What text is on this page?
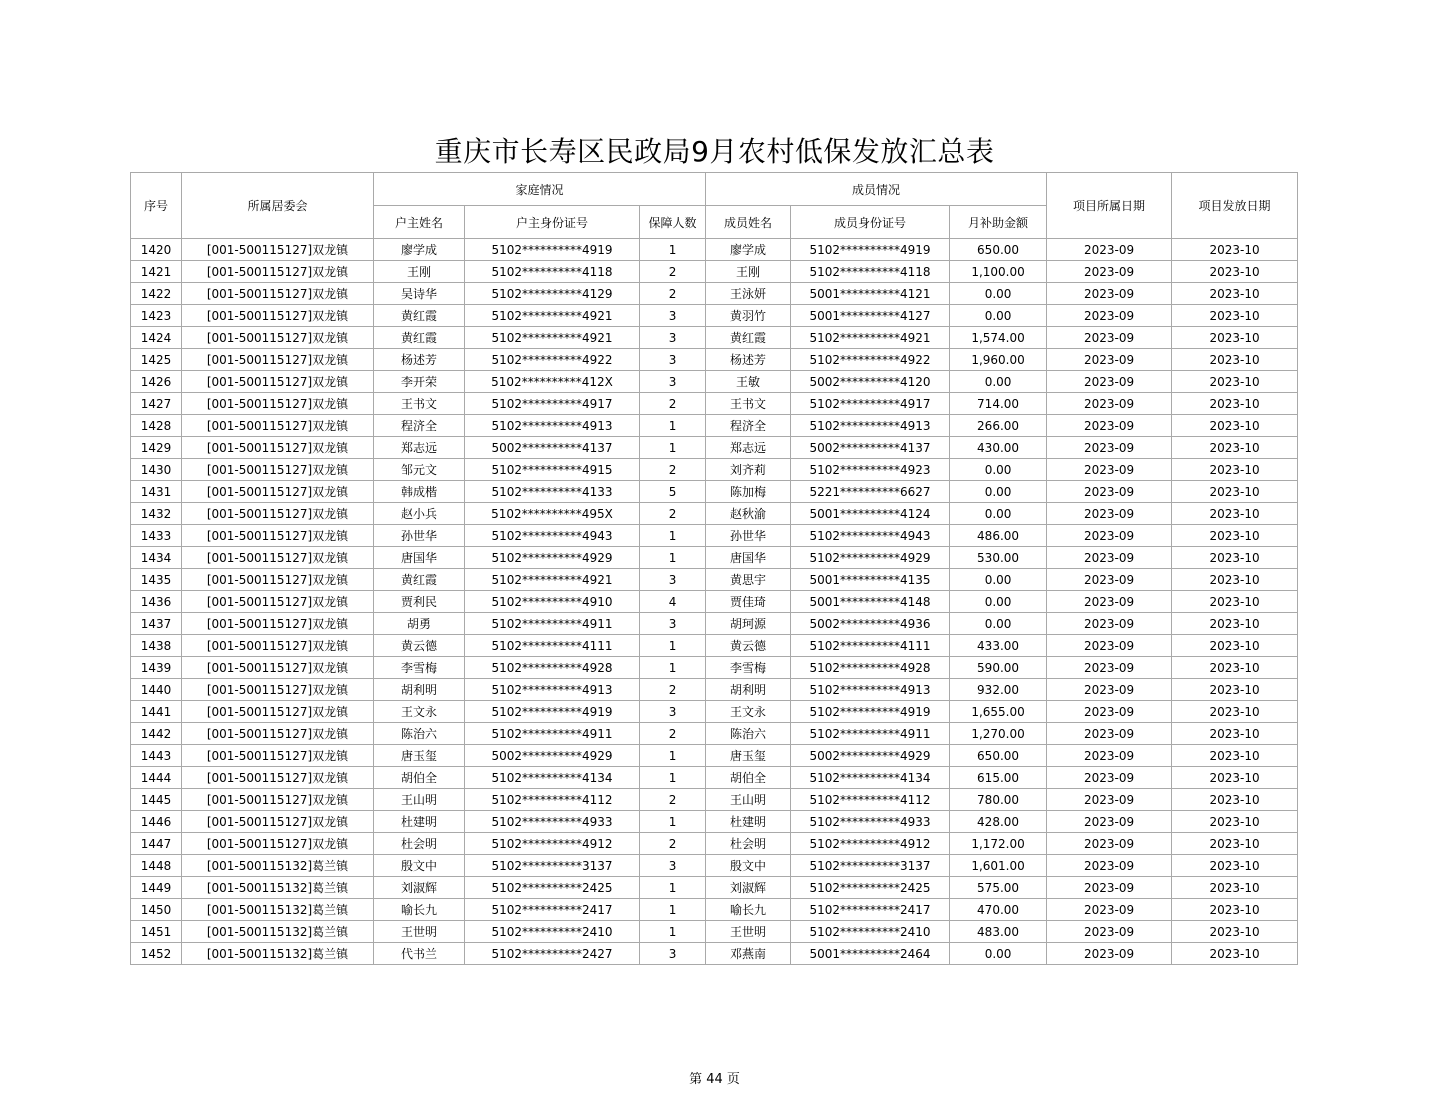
重庆市长寿区民政局9月农村低保发放汇总表
序号	所属居委会	家庭情况			成员情况			项目所属日期	项目发放日期
		户主姓名	户主身份证号	保障人数	成员姓名	成员身份证号	月补助金额		
1420	[001-500115127]双龙镇	廖学成	5102**********4919	1	廖学成	5102**********4919	650.00	2023-09	2023-10
1421	[001-500115127]双龙镇	王刚	5102**********4118	2	王刚	5102**********4118	1,100.00	2023-09	2023-10
1422	[001-500115127]双龙镇	吴诗华	5102**********4129	2	王泳妍	5001**********4121	0.00	2023-09	2023-10
1423	[001-500115127]双龙镇	黄红霞	5102**********4921	3	黄羽竹	5001**********4127	0.00	2023-09	2023-10
1424	[001-500115127]双龙镇	黄红霞	5102**********4921	3	黄红霞	5102**********4921	1,574.00	2023-09	2023-10
1425	[001-500115127]双龙镇	杨述芳	5102**********4922	3	杨述芳	5102**********4922	1,960.00	2023-09	2023-10
1426	[001-500115127]双龙镇	李开荣	5102**********412X	3	王敏	5002**********4120	0.00	2023-09	2023-10
1427	[001-500115127]双龙镇	王书文	5102**********4917	2	王书文	5102**********4917	714.00	2023-09	2023-10
1428	[001-500115127]双龙镇	程济全	5102**********4913	1	程济全	5102**********4913	266.00	2023-09	2023-10
1429	[001-500115127]双龙镇	郑志远	5002**********4137	1	郑志远	5002**********4137	430.00	2023-09	2023-10
1430	[001-500115127]双龙镇	邹元文	5102**********4915	2	刘齐莉	5102**********4923	0.00	2023-09	2023-10
1431	[001-500115127]双龙镇	韩成楷	5102**********4133	5	陈加梅	5221**********6627	0.00	2023-09	2023-10
1432	[001-500115127]双龙镇	赵小兵	5102**********495X	2	赵秋渝	5001**********4124	0.00	2023-09	2023-10
1433	[001-500115127]双龙镇	孙世华	5102**********4943	1	孙世华	5102**********4943	486.00	2023-09	2023-10
1434	[001-500115127]双龙镇	唐国华	5102**********4929	1	唐国华	5102**********4929	530.00	2023-09	2023-10
1435	[001-500115127]双龙镇	黄红霞	5102**********4921	3	黄思宇	5001**********4135	0.00	2023-09	2023-10
1436	[001-500115127]双龙镇	贾利民	5102**********4910	4	贾佳琦	5001**********4148	0.00	2023-09	2023-10
1437	[001-500115127]双龙镇	胡勇	5102**********4911	3	胡珂源	5002**********4936	0.00	2023-09	2023-10
1438	[001-500115127]双龙镇	黄云德	5102**********4111	1	黄云德	5102**********4111	433.00	2023-09	2023-10
1439	[001-500115127]双龙镇	李雪梅	5102**********4928	1	李雪梅	5102**********4928	590.00	2023-09	2023-10
1440	[001-500115127]双龙镇	胡利明	5102**********4913	2	胡利明	5102**********4913	932.00	2023-09	2023-10
1441	[001-500115127]双龙镇	王文永	5102**********4919	3	王文永	5102**********4919	1,655.00	2023-09	2023-10
1442	[001-500115127]双龙镇	陈治六	5102**********4911	2	陈治六	5102**********4911	1,270.00	2023-09	2023-10
1443	[001-500115127]双龙镇	唐玉玺	5002**********4929	1	唐玉玺	5002**********4929	650.00	2023-09	2023-10
1444	[001-500115127]双龙镇	胡伯全	5102**********4134	1	胡伯全	5102**********4134	615.00	2023-09	2023-10
1445	[001-500115127]双龙镇	王山明	5102**********4112	2	王山明	5102**********4112	780.00	2023-09	2023-10
1446	[001-500115127]双龙镇	杜建明	5102**********4933	1	杜建明	5102**********4933	428.00	2023-09	2023-10
1447	[001-500115127]双龙镇	杜会明	5102**********4912	2	杜会明	5102**********4912	1,172.00	2023-09	2023-10
1448	[001-500115132]葛兰镇	殷文中	5102**********3137	3	殷文中	5102**********3137	1,601.00	2023-09	2023-10
1449	[001-500115132]葛兰镇	刘淑辉	5102**********2425	1	刘淑辉	5102**********2425	575.00	2023-09	2023-10
1450	[001-500115132]葛兰镇	喻长九	5102**********2417	1	喻长九	5102**********2417	470.00	2023-09	2023-10
1451	[001-500115132]葛兰镇	王世明	5102**********2410	1	王世明	5102**********2410	483.00	2023-09	2023-10
1452	[001-500115132]葛兰镇	代书兰	5102**********2427	3	邓燕南	5001**********2464	0.00	2023-09	2023-10
第 44 页
